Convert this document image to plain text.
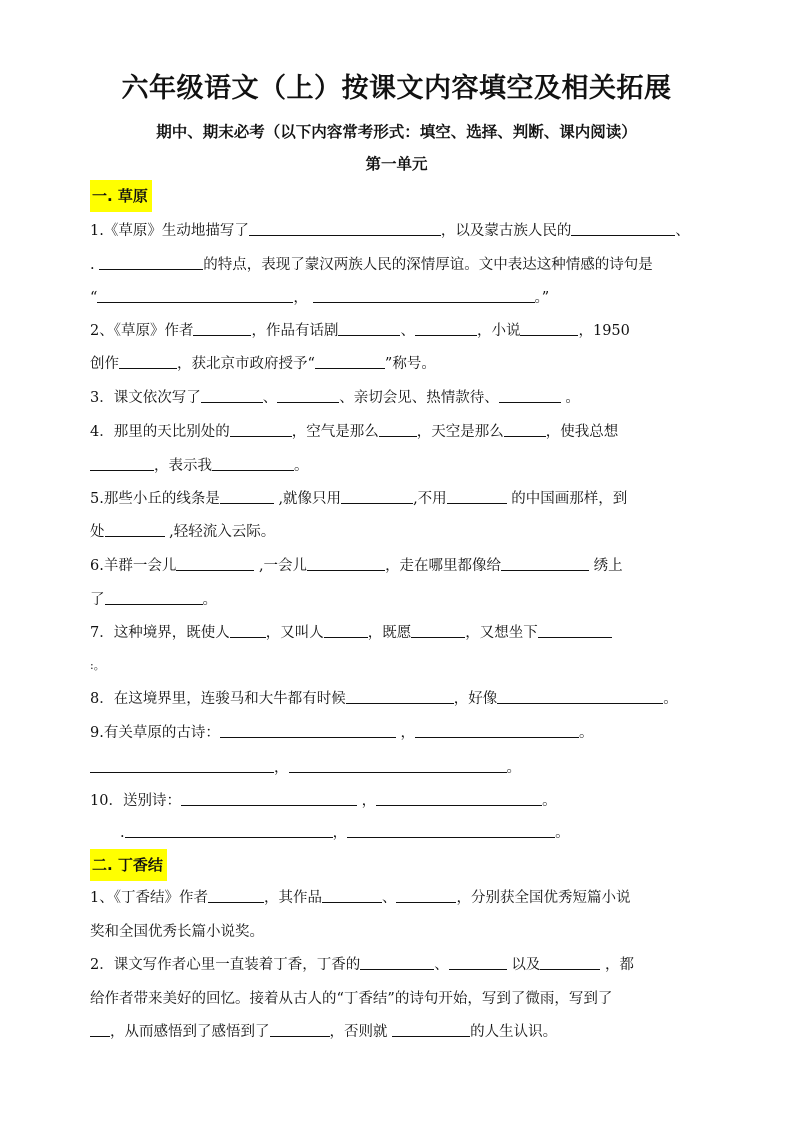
六年级语文（上）按课文内容填空及相关拓展
期中、期末必考（以下内容常考形式：填空、选择、判断、课内阅读）
第一单元
一. 草原
1.《草原》生动地描写了	，以及蒙古族人民的	、
.	的特点，表现了蒙汉两族人民的深情厚谊。文中表达这种情感的诗句是
“	，	。”
2、《草原》作者	，作品有话剧	、	，小说	，1950
创作	，获北京市政府授予“	”称号。
3．课文依次写了	、	、亲切会见、热情款待、	。
4．那里的天比别处的	，空气是那么	，天空是那么	，使我总想
，表示我	。
5.那些小丘的线条是	,就像只用	,不用	的中国画那样，到
处	,轻轻流入云际。
6.羊群一会儿	,一会儿	，走在哪里都像给	绣上
了	。
7．这种境界，既使人 ，又叫人	，既愿	，又想坐下
:。
8．在这境界里，连骏马和大牛都有时候	，好像	。
9.有关草原的古诗：	，	。
，	。
10．送别诗：	，	。
.	，	。
二. 丁香结
1、《丁香结》作者	，其作品	、	，分别获全国优秀短篇小说
奖和全国优秀长篇小说奖。
2．课文写作者心里一直装着丁香，丁香的	、	以及	，都
给作者带来美好的回忆。接着从古人的“丁香结”的诗句开始，写到了微雨，写到了
，从而感悟到了感悟到了	，否则就	的人生认识。
